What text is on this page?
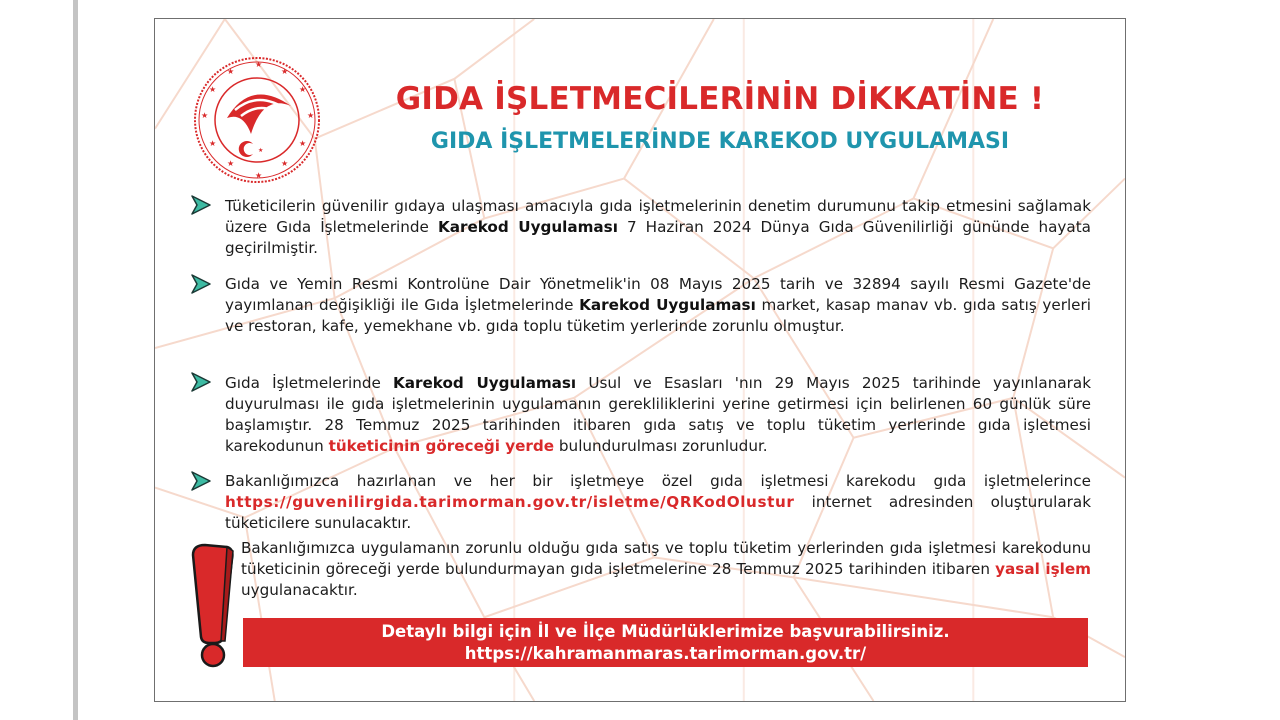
★
★
★
★
★
★
★
★
★
★
★
★
★
GIDA İŞLETMECİLERİNİN DİKKATİNE !
GIDA İŞLETMELERİNDE KAREKOD UYGULAMASI
Tüketicilerin güvenilir gıdaya ulaşması amacıyla gıda işletmelerinin denetim durumunu takip etmesini sağlamak üzere Gıda İşletmelerinde Karekod Uygulaması 7 Haziran 2024 Dünya Gıda Güvenilirliği gününde hayata geçirilmiştir.
Gıda ve Yemin Resmi Kontrolüne Dair Yönetmelik'in 08 Mayıs 2025 tarih ve 32894 sayılı Resmi Gazete'de yayımlanan değişikliği ile Gıda İşletmelerinde Karekod Uygulaması market, kasap manav vb. gıda satış yerleri ve restoran, kafe, yemekhane vb. gıda toplu tüketim yerlerinde zorunlu olmuştur.
Gıda İşletmelerinde Karekod Uygulaması Usul ve Esasları 'nın 29 Mayıs 2025 tarihinde yayınlanarak duyurulması ile gıda işletmelerinin uygulamanın gerekliliklerini yerine getirmesi için belirlenen 60 günlük süre başlamıştır. 28 Temmuz 2025 tarihinden itibaren gıda satış ve toplu tüketim yerlerinde gıda işletmesi karekodunun tüketicinin göreceği yerde bulundurulması zorunludur.
Bakanlığımızca hazırlanan ve her bir işletmeye özel gıda işletmesi karekodu gıda işletmelerince https://guvenilirgida.tarimorman.gov.tr/isletme/QRKodOlustur internet adresinden oluşturularak tüketicilere sunulacaktır.
Bakanlığımızca uygulamanın zorunlu olduğu gıda satış ve toplu tüketim yerlerinden gıda işletmesi karekodunu tüketicinin göreceği yerde bulundurmayan gıda işletmelerine 28 Temmuz 2025 tarihinden itibaren yasal işlem uygulanacaktır.
Detaylı bilgi için İl ve İlçe Müdürlüklerimize başvurabilirsiniz.
https://kahramanmaras.tarimorman.gov.tr/
